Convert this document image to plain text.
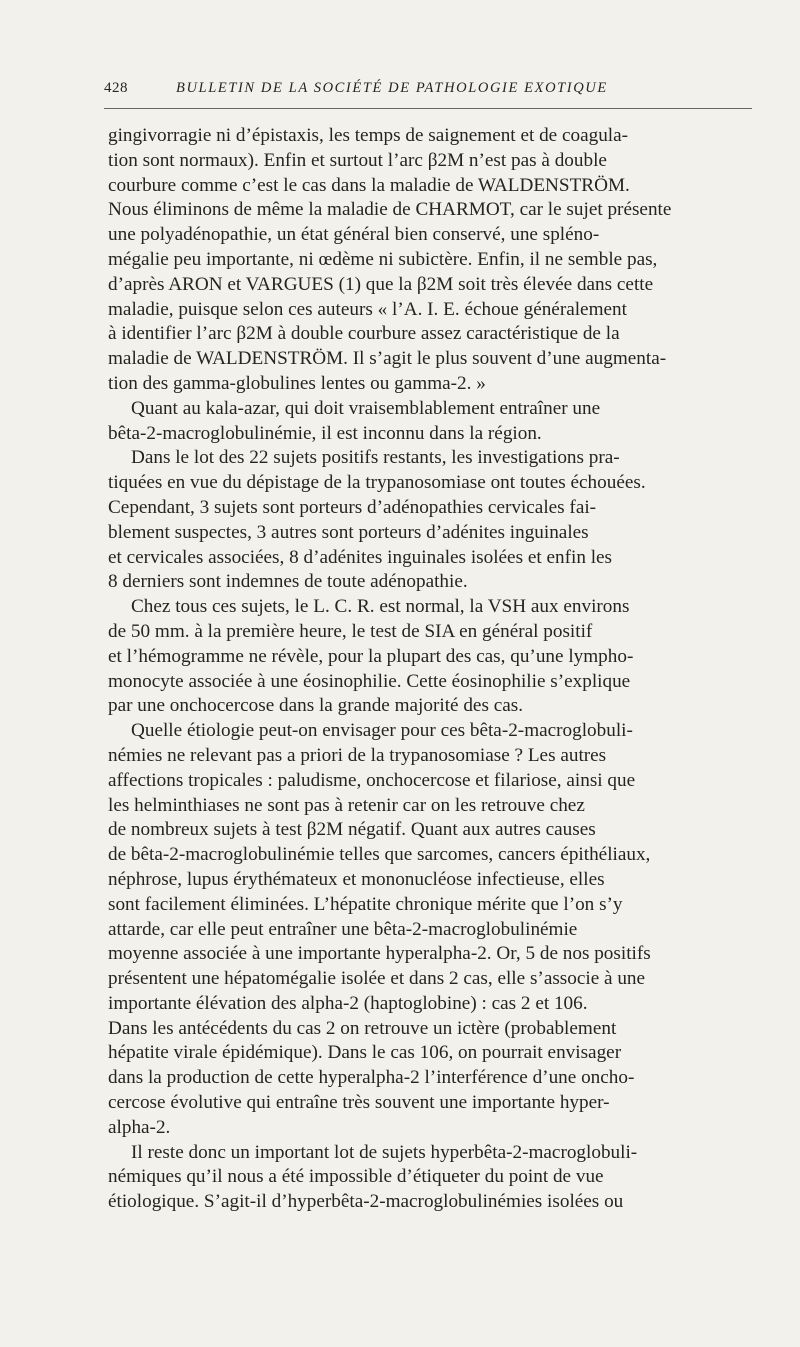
428	BULLETIN DE LA SOCIÉTÉ DE PATHOLOGIE EXOTIQUE

gingivorragie ni d’épistaxis, les temps de saignement et de coagula-
tion sont normaux). Enfin et surtout l’arc β2M n’est pas à double
courbure comme c’est le cas dans la maladie de WALDENSTRÖM.
Nous éliminons de même la maladie de CHARMOT, car le sujet présente
une polyadénopathie, un état général bien conservé, une spléno-
mégalie peu importante, ni œdème ni subictère. Enfin, il ne semble pas,
d’après ARON et VARGUES (1) que la β2M soit très élevée dans cette
maladie, puisque selon ces auteurs « l’A. I. E. échoue généralement
à identifier l’arc β2M à double courbure assez caractéristique de la
maladie de WALDENSTRÖM. Il s’agit le plus souvent d’une augmenta-
tion des gamma-globulines lentes ou gamma-2. »

Quant au kala-azar, qui doit vraisemblablement entraîner une
bêta-2-macroglobulinémie, il est inconnu dans la région.

Dans le lot des 22 sujets positifs restants, les investigations pra-
tiquées en vue du dépistage de la trypanosomiase ont toutes échouées.
Cependant, 3 sujets sont porteurs d’adénopathies cervicales fai-
blement suspectes, 3 autres sont porteurs d’adénites inguinales
et cervicales associées, 8 d’adénites inguinales isolées et enfin les
8 derniers sont indemnes de toute adénopathie.

Chez tous ces sujets, le L. C. R. est normal, la VSH aux environs
de 50 mm. à la première heure, le test de SIA en général positif
et l’hémogramme ne révèle, pour la plupart des cas, qu’une lympho-
monocyte associée à une éosinophilie. Cette éosinophilie s’explique
par une onchocercose dans la grande majorité des cas.

Quelle étiologie peut-on envisager pour ces bêta-2-macroglobuli-
némies ne relevant pas a priori de la trypanosomiase ? Les autres
affections tropicales : paludisme, onchocercose et filariose, ainsi que
les helminthiases ne sont pas à retenir car on les retrouve chez
de nombreux sujets à test β2M négatif. Quant aux autres causes
de bêta-2-macroglobulinémie telles que sarcomes, cancers épithéliaux,
néphrose, lupus érythémateux et mononucléose infectieuse, elles
sont facilement éliminées. L’hépatite chronique mérite que l’on s’y
attarde, car elle peut entraîner une bêta-2-macroglobulinémie
moyenne associée à une importante hyperalpha-2. Or, 5 de nos positifs
présentent une hépatomégalie isolée et dans 2 cas, elle s’associe à une
importante élévation des alpha-2 (haptoglobine) : cas 2 et 106.
Dans les antécédents du cas 2 on retrouve un ictère (probablement
hépatite virale épidémique). Dans le cas 106, on pourrait envisager
dans la production de cette hyperalpha-2 l’interférence d’une oncho-
cercose évolutive qui entraîne très souvent une importante hyper-
alpha-2.

Il reste donc un important lot de sujets hyperbêta-2-macroglobuli-
némiques qu’il nous a été impossible d’étiqueter du point de vue
étiologique. S’agit-il d’hyperbêta-2-macroglobulinémies isolées ou
